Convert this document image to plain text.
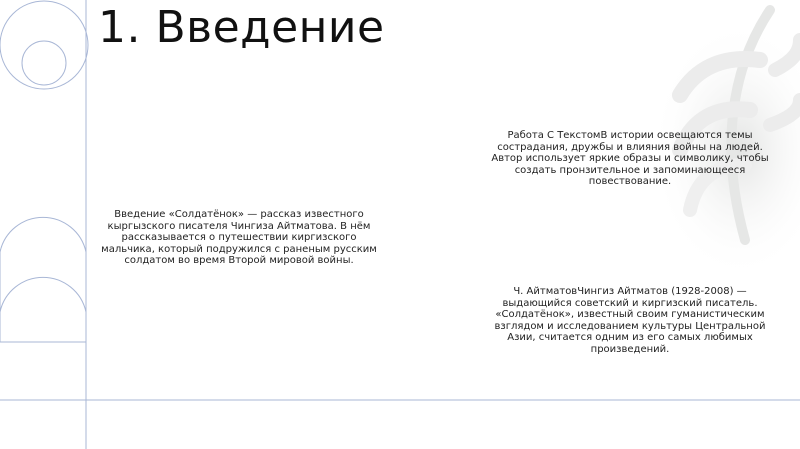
1. Введение
Работа С ТекстомВ истории освещаются темы сострадания, дружбы и влияния войны на людей. Автор использует яркие образы и символику, чтобы создать пронзительное и запоминающееся повествование.
Введение «Солдатёнок» — рассказ известного кыргызского писателя Чингиза Айтматова. В нём рассказывается о путешествии киргизского мальчика, который подружился с раненым русским солдатом во время Второй мировой войны.
Ч. АйтматовЧингиз Айтматов (1928-2008) — выдающийся советский и киргизский писатель. «Солдатёнок», известный своим гуманистическим взглядом и исследованием культуры Центральной Азии, считается одним из его самых любимых произведений.
